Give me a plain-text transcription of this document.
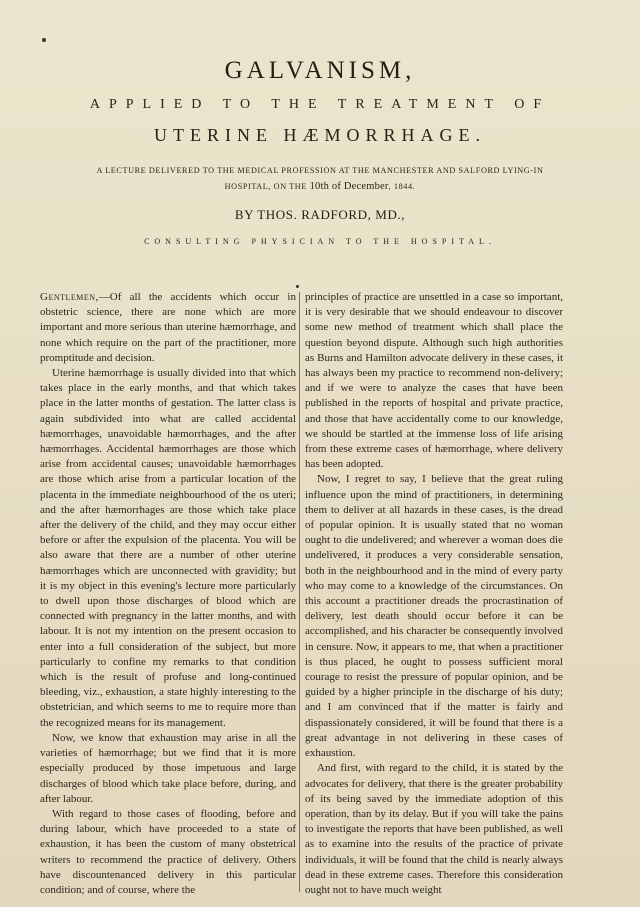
GALVANISM,
APPLIED TO THE TREATMENT OF
UTERINE HÆMORRHAGE.
A LECTURE DELIVERED TO THE MEDICAL PROFESSION AT THE MANCHESTER AND SALFORD LYING-IN
HOSPITAL, ON THE 10th of December, 1844.
BY THOS. RADFORD, MD.,
CONSULTING PHYSICIAN TO THE HOSPITAL.

Gentlemen,—Of all the accidents which occur in obstetric science, there are none which are more important and more serious than uterine hæmorrhage, and none which require on the part of the practitioner, more promptitude and decision.

Uterine hæmorrhage is usually divided into that which takes place in the early months, and that which takes place in the latter months of gestation. The latter class is again subdivided into what are called accidental hæmorrhages, unavoidable hæmorrhages, and the after hæmorrhages. Accidental hæmorrhages are those which arise from accidental causes; unavoidable hæmorrhages are those which arise from a particular location of the placenta in the immediate neighbourhood of the os uteri; and the after hæmorrhages are those which take place after the delivery of the child, and they may occur either before or after the expulsion of the placenta. You will be also aware that there are a number of other uterine hæmorrhages which are unconnected with gravidity; but it is my object in this evening's lecture more particularly to dwell upon those discharges of blood which are connected with pregnancy in the latter months, and with labour. It is not my intention on the present occasion to enter into a full consideration of the subject, but more particularly to confine my remarks to that condition which is the result of profuse and long-continued bleeding, viz., exhaustion, a state highly interesting to the obstetrician, and which seems to me to require more than the recognized means for its management.

Now, we know that exhaustion may arise in all the varieties of hæmorrhage; but we find that it is more especially produced by those impetuous and large discharges of blood which take place before, during, and after labour.

With regard to those cases of flooding, before and during labour, which have proceeded to a state of exhaustion, it has been the custom of many obstetrical writers to recommend the practice of delivery. Others have discountenanced delivery in this particular condition; and of course, where the

principles of practice are unsettled in a case so important, it is very desirable that we should endeavour to discover some new method of treatment which shall place the question beyond dispute. Although such high authorities as Burns and Hamilton advocate delivery in these cases, it has always been my practice to recommend non-delivery; and if we were to analyze the cases that have been published in the reports of hospital and private practice, and those that have accidentally come to our knowledge, we should be startled at the immense loss of life arising from these extreme cases of hæmorrhage, where delivery has been adopted.

Now, I regret to say, I believe that the great ruling influence upon the mind of practitioners, in determining them to deliver at all hazards in these cases, is the dread of popular opinion. It is usually stated that no woman ought to die undelivered; and wherever a woman does die undelivered, it produces a very considerable sensation, both in the neighbourhood and in the mind of every party who may come to a knowledge of the circumstances. On this account a practitioner dreads the procrastination of delivery, lest death should occur before it can be accomplished, and his character be consequently involved in censure. Now, it appears to me, that when a practitioner is thus placed, he ought to possess sufficient moral courage to resist the pressure of popular opinion, and be guided by a higher principle in the discharge of his duty; and I am convinced that if the matter is fairly and dispassionately considered, it will be found that there is a great advantage in not delivering in these cases of exhaustion.

And first, with regard to the child, it is stated by the advocates for delivery, that there is the greater probability of its being saved by the immediate adoption of this operation, than by its delay. But if you will take the pains to investigate the reports that have been published, as well as to examine into the results of the practice of private individuals, it will be found that the child is nearly always dead in these extreme cases. Therefore this consideration ought not to have much weight
